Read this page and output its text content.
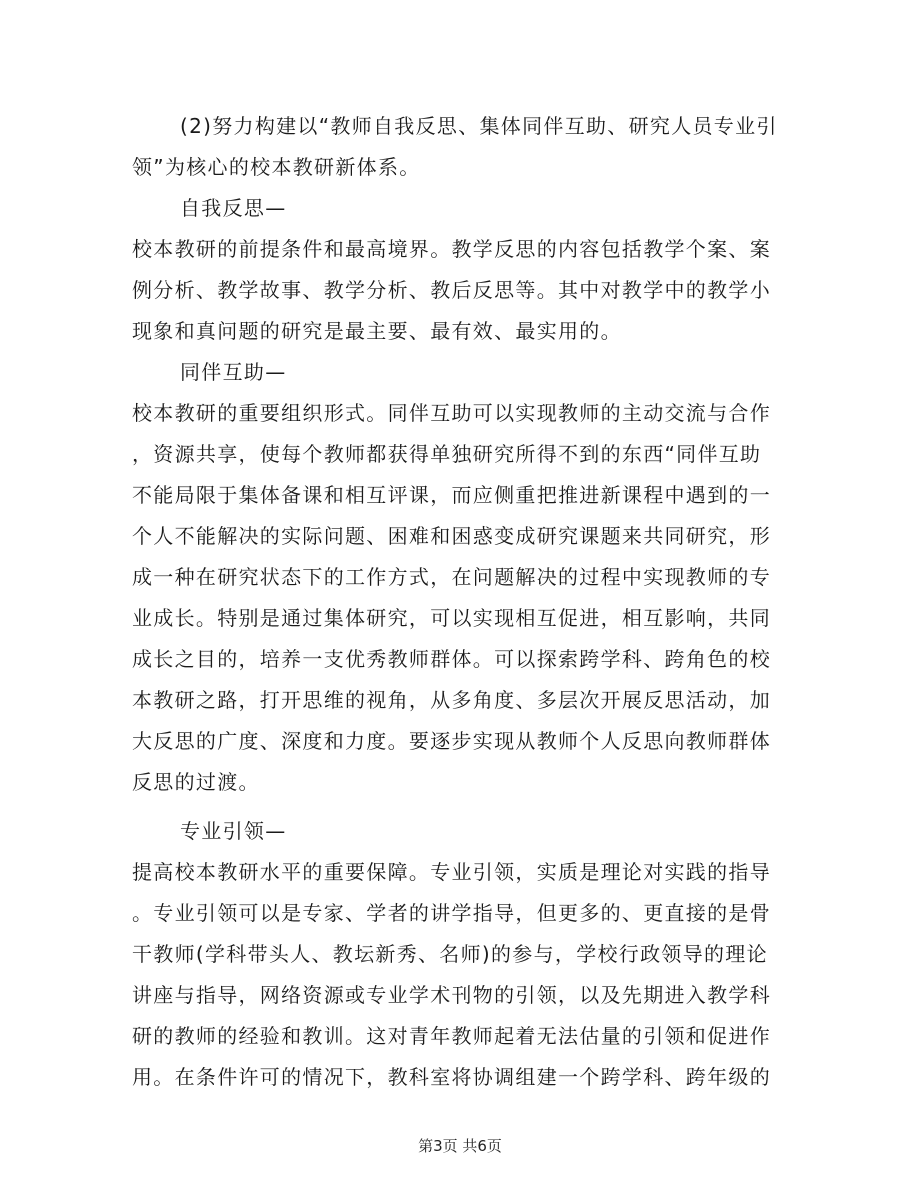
(2)努力构建以“教师自我反思、集体同伴互助、研究人员专业引
领”为核心的校本教研新体系。
自我反思—
校本教研的前提条件和最高境界。教学反思的内容包括教学个案、案
例分析、教学故事、教学分析、教后反思等。其中对教学中的教学小
现象和真问题的研究是最主要、最有效、最实用的。
同伴互助—
校本教研的重要组织形式。同伴互助可以实现教师的主动交流与合作
，资源共享，使每个教师都获得单独研究所得不到的东西“同伴互助
不能局限于集体备课和相互评课，而应侧重把推进新课程中遇到的一
个人不能解决的实际问题、困难和困惑变成研究课题来共同研究，形
成一种在研究状态下的工作方式，在问题解决的过程中实现教师的专
业成长。特别是通过集体研究，可以实现相互促进，相互影响，共同
成长之目的，培养一支优秀教师群体。可以探索跨学科、跨角色的校
本教研之路，打开思维的视角，从多角度、多层次开展反思活动，加
大反思的广度、深度和力度。要逐步实现从教师个人反思向教师群体
反思的过渡。
专业引领—
提高校本教研水平的重要保障。专业引领，实质是理论对实践的指导
。专业引领可以是专家、学者的讲学指导，但更多的、更直接的是骨
干教师(学科带头人、教坛新秀、名师)的参与，学校行政领导的理论
讲座与指导，网络资源或专业学术刊物的引领，以及先期进入教学科
研的教师的经验和教训。这对青年教师起着无法估量的引领和促进作
用。在条件许可的情况下，教科室将协调组建一个跨学科、跨年级的
第3页 共6页
